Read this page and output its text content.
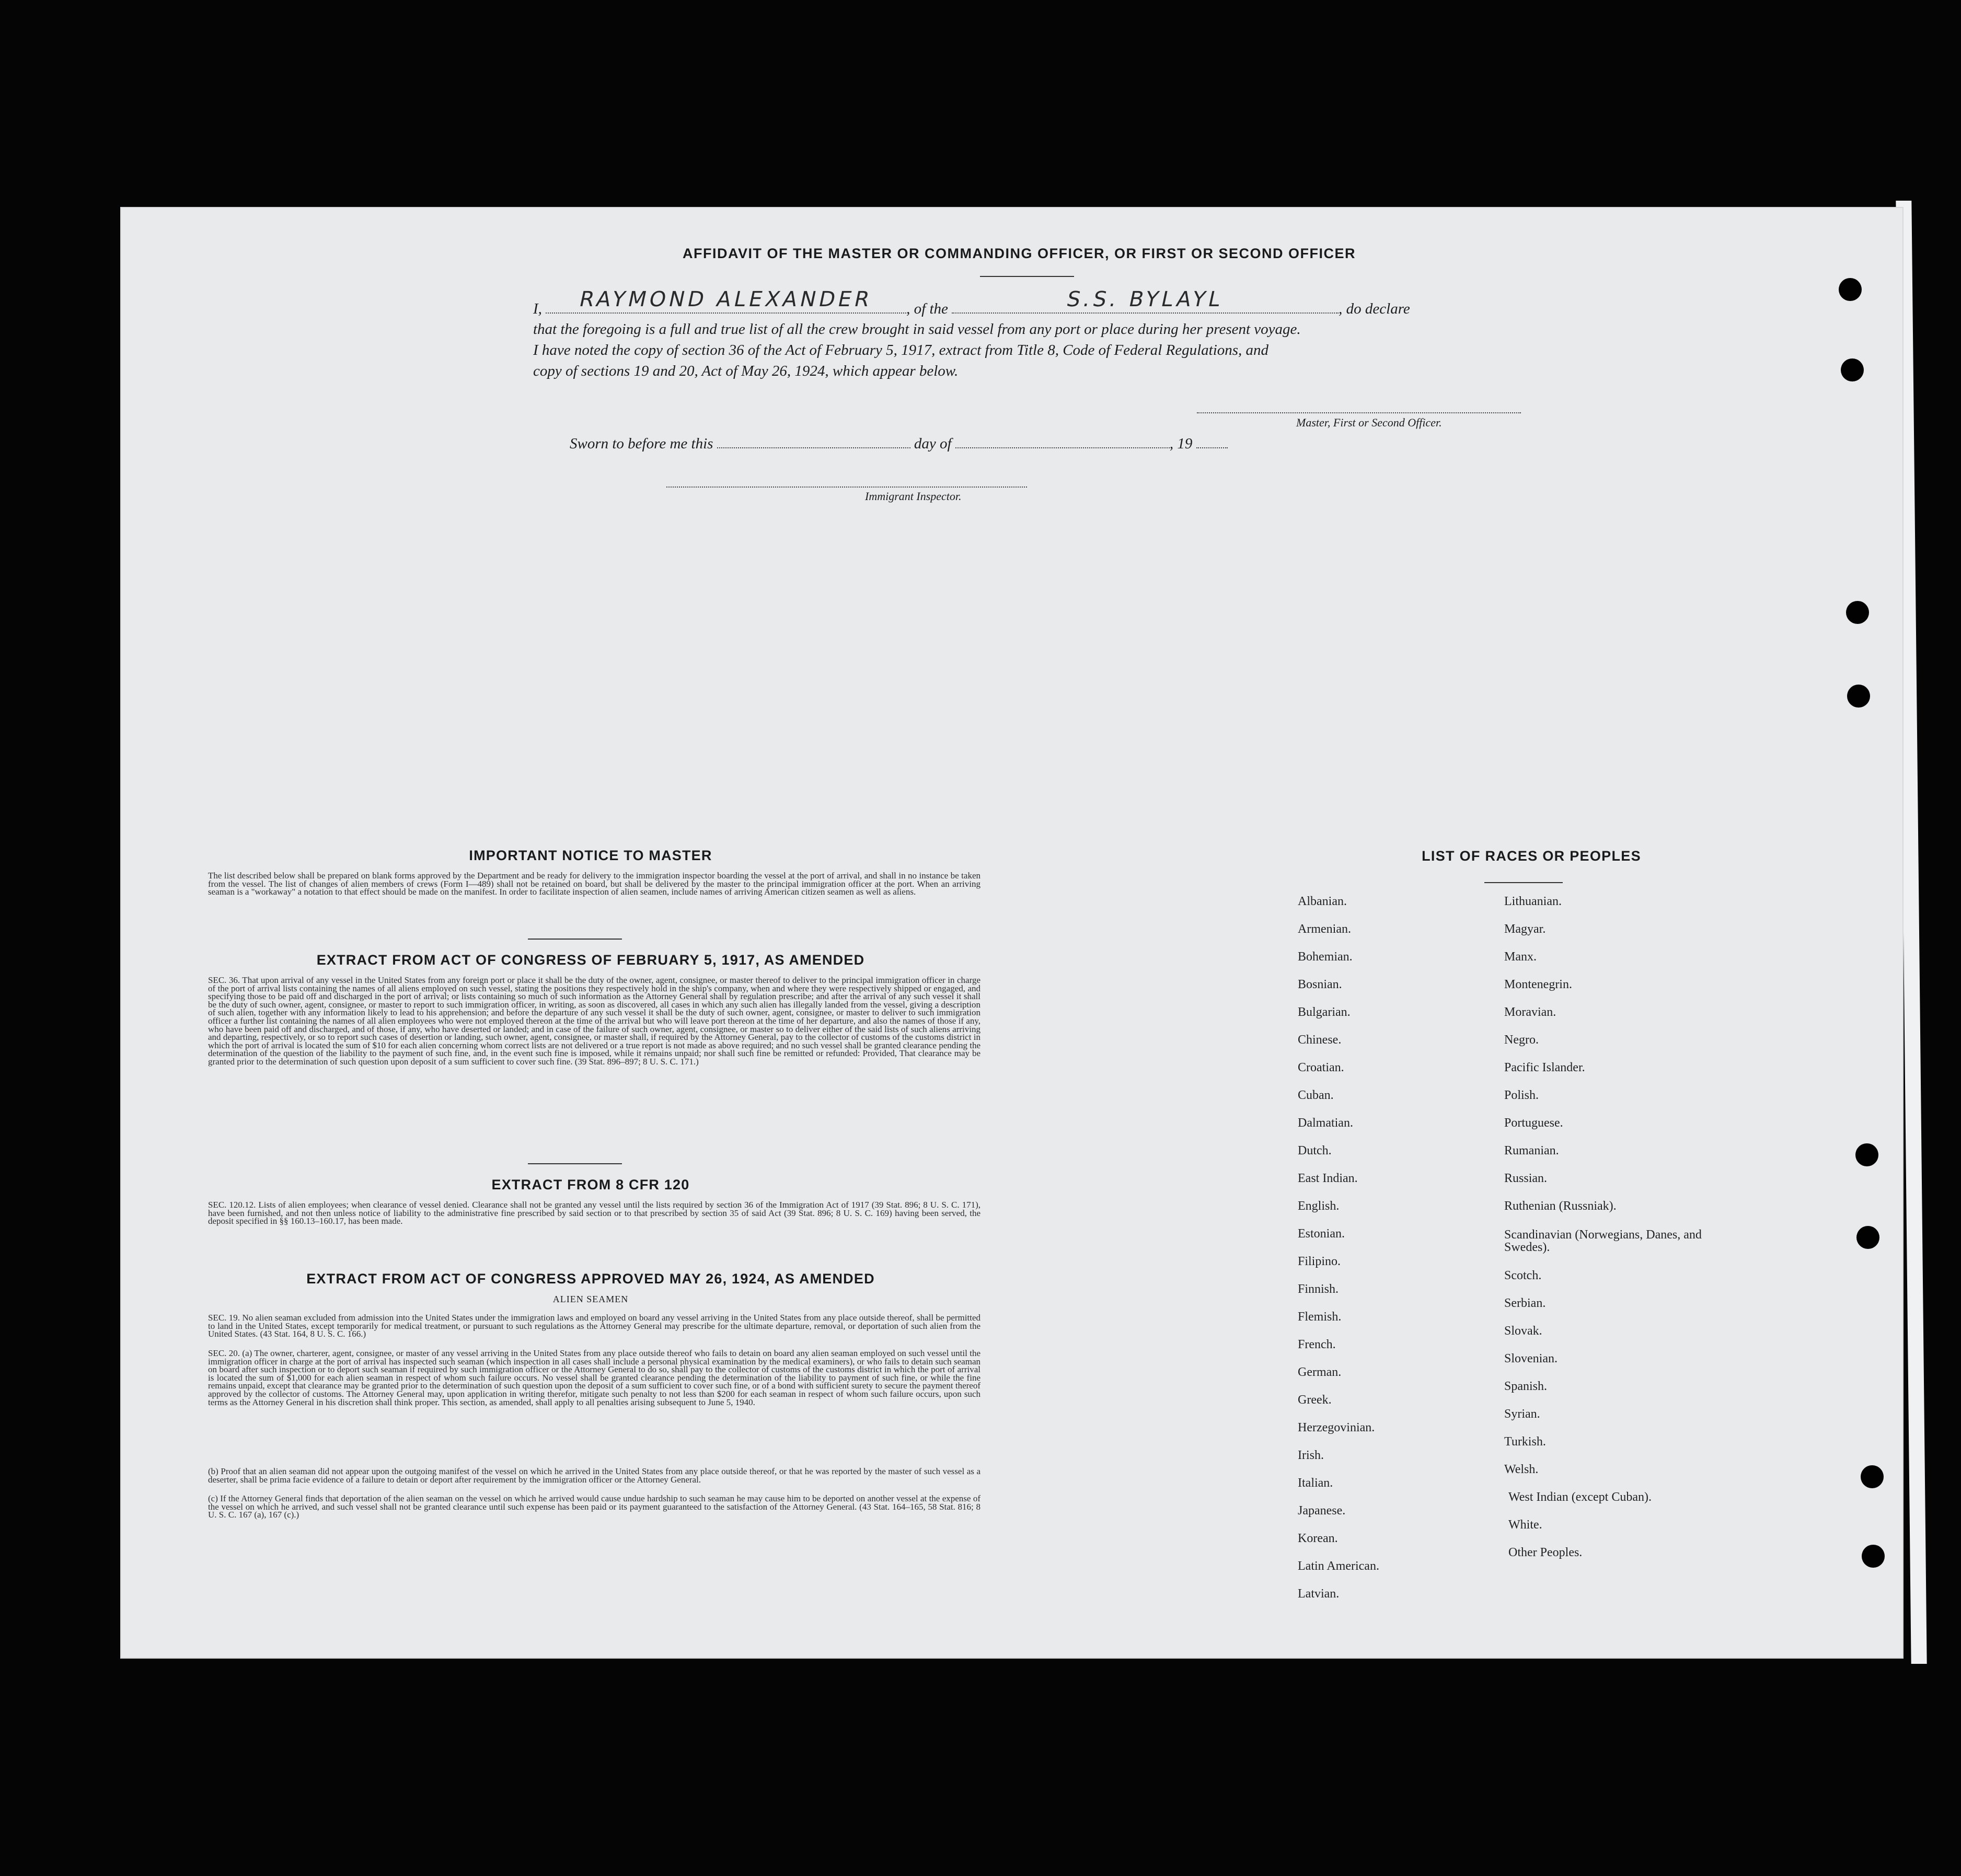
AFFIDAVIT OF THE MASTER OR COMMANDING OFFICER, OR FIRST OR SECOND OFFICER
I,	RAYMOND ALEXANDER	, of the	S.S. BYLAYL	, do declare
that the foregoing is a full and true list of all the crew brought in said vessel from any port or place during her present voyage.
I have noted the copy of section 36 of the Act of February 5, 1917, extract from Title 8, Code of Federal Regulations, and
copy of sections 19 and 20, Act of May 26, 1924, which appear below.
Master, First or Second Officer.
Sworn to before me this	day of	, 19
Immigrant Inspector.
IMPORTANT NOTICE TO MASTER

The list described below shall be prepared on blank forms approved by the Department and be ready for delivery to the immigration inspector boarding the vessel at the port of arrival, and shall in no instance be taken from the vessel. The list of changes of alien members of crews (Form I—489) shall not be retained on board, but shall be delivered by the master to the principal immigration officer at the port. When an arriving seaman is a "workaway" a notation to that effect should be made on the manifest. In order to facilitate inspection of alien seamen, include names of arriving American citizen seamen as well as aliens.

EXTRACT FROM ACT OF CONGRESS OF FEBRUARY 5, 1917, AS AMENDED

SEC. 36. That upon arrival of any vessel in the United States from any foreign port or place it shall be the duty of the owner, agent, consignee, or master thereof to deliver to the principal immigration officer in charge of the port of arrival lists containing the names of all aliens employed on such vessel, stating the positions they respectively hold in the ship's company, when and where they were respectively shipped or engaged, and specifying those to be paid off and discharged in the port of arrival; or lists containing so much of such information as the Attorney General shall by regulation prescribe; and after the arrival of any such vessel it shall be the duty of such owner, agent, consignee, or master to report to such immigration officer, in writing, as soon as discovered, all cases in which any such alien has illegally landed from the vessel, giving a description of such alien, together with any information likely to lead to his apprehension; and before the departure of any such vessel it shall be the duty of such owner, agent, consignee, or master to deliver to such immigration officer a further list containing the names of all alien employees who were not employed thereon at the time of the arrival but who will leave port thereon at the time of her departure, and also the names of those if any, who have been paid off and discharged, and of those, if any, who have deserted or landed; and in case of the failure of such owner, agent, consignee, or master so to deliver either of the said lists of such aliens arriving and departing, respectively, or so to report such cases of desertion or landing, such owner, agent, consignee, or master shall, if required by the Attorney General, pay to the collector of customs of the customs district in which the port of arrival is located the sum of $10 for each alien concerning whom correct lists are not delivered or a true report is not made as above required; and no such vessel shall be granted clearance pending the determination of the question of the liability to the payment of such fine, and, in the event such fine is imposed, while it remains unpaid; nor shall such fine be remitted or refunded: Provided, That clearance may be granted prior to the determination of such question upon deposit of a sum sufficient to cover such fine. (39 Stat. 896–897; 8 U. S. C. 171.)

EXTRACT FROM 8 CFR 120

SEC. 120.12. Lists of alien employees; when clearance of vessel denied. Clearance shall not be granted any vessel until the lists required by section 36 of the Immigration Act of 1917 (39 Stat. 896; 8 U. S. C. 171), have been furnished, and not then unless notice of liability to the administrative fine prescribed by said section or to that prescribed by section 35 of said Act (39 Stat. 896; 8 U. S. C. 169) having been served, the deposit specified in §§ 160.13–160.17, has been made.

EXTRACT FROM ACT OF CONGRESS APPROVED MAY 26, 1924, AS AMENDED
ALIEN SEAMEN

SEC. 19. No alien seaman excluded from admission into the United States under the immigration laws and employed on board any vessel arriving in the United States from any place outside thereof, shall be permitted to land in the United States, except temporarily for medical treatment, or pursuant to such regulations as the Attorney General may prescribe for the ultimate departure, removal, or deportation of such alien from the United States. (43 Stat. 164, 8 U. S. C. 166.)

SEC. 20. (a) The owner, charterer, agent, consignee, or master of any vessel arriving in the United States from any place outside thereof who fails to detain on board any alien seaman employed on such vessel until the immigration officer in charge at the port of arrival has inspected such seaman (which inspection in all cases shall include a personal physical examination by the medical examiners), or who fails to detain such seaman on board after such inspection or to deport such seaman if required by such immigration officer or the Attorney General to do so, shall pay to the collector of customs of the customs district in which the port of arrival is located the sum of $1,000 for each alien seaman in respect of whom such failure occurs. No vessel shall be granted clearance pending the determination of the liability to payment of such fine, or while the fine remains unpaid, except that clearance may be granted prior to the determination of such question upon the deposit of a sum sufficient to cover such fine, or of a bond with sufficient surety to secure the payment thereof approved by the collector of customs. The Attorney General may, upon application in writing therefor, mitigate such penalty to not less than $200 for each seaman in respect of whom such failure occurs, upon such terms as the Attorney General in his discretion shall think proper. This section, as amended, shall apply to all penalties arising subsequent to June 5, 1940.

(b) Proof that an alien seaman did not appear upon the outgoing manifest of the vessel on which he arrived in the United States from any place outside thereof, or that he was reported by the master of such vessel as a deserter, shall be prima facie evidence of a failure to detain or deport after requirement by the immigration officer or the Attorney General.

(c) If the Attorney General finds that deportation of the alien seaman on the vessel on which he arrived would cause undue hardship to such seaman he may cause him to be deported on another vessel at the expense of the vessel on which he arrived, and such vessel shall not be granted clearance until such expense has been paid or its payment guaranteed to the satisfaction of the Attorney General. (43 Stat. 164–165, 58 Stat. 816; 8 U. S. C. 167 (a), 167 (c).)

LIST OF RACES OR PEOPLES
Albanian.
Armenian.
Bohemian.
Bosnian.
Bulgarian.
Chinese.
Croatian.
Cuban.
Dalmatian.
Dutch.
East Indian.
English.
Estonian.
Filipino.
Finnish.
Flemish.
French.
German.
Greek.
Herzegovinian.
Irish.
Italian.
Japanese.
Korean.
Latin American.
Latvian.
Lithuanian.
Magyar.
Manx.
Montenegrin.
Moravian.
Negro.
Pacific Islander.
Polish.
Portuguese.
Rumanian.
Russian.
Ruthenian (Russniak).
Scandinavian (Norwegians, Danes, and Swedes).
Scotch.
Serbian.
Slovak.
Slovenian.
Spanish.
Syrian.
Turkish.
Welsh.
West Indian (except Cuban).
White.
Other Peoples.
